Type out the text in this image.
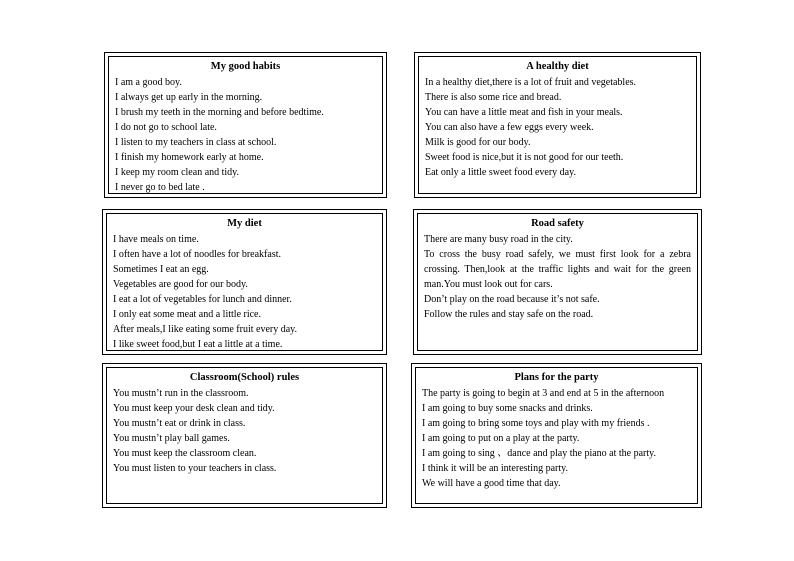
My good habits
I am a good boy.
I always get up early in the morning.
I brush my teeth in the morning and before bedtime.
I do not go to school late.
I listen to my teachers in class at school.
I finish my homework early at home.
I keep my room clean and tidy.
I never go to bed late .
A healthy diet
In a healthy diet,there is a lot of fruit and vegetables.
There is also some rice and bread.
You can have a little meat and fish in your meals.
You can also have a few eggs every week.
Milk is good for our body.
Sweet food is nice,but it is not good for our teeth.
Eat only a little sweet food every day.
My diet
I have meals on time.
I often have a lot of noodles for breakfast.
Sometimes I eat an egg.
Vegetables are good for our body.
I eat a lot of vegetables for lunch and dinner.
I only eat some meat and a little rice.
After meals,I like eating some fruit every day.
I like sweet food,but I eat a little at a time.
Road safety
There are many busy road in the city.
To cross the busy road safely, we must first look for a zebra crossing. Then,look at the traffic lights and wait for the green man.You must look out for cars.
Don’t play on the road because it’s not safe.
Follow the rules and stay safe on the road.
Classroom(School) rules
You mustn’t run in the classroom.
You must keep your desk clean and tidy.
You mustn’t eat or drink in class.
You mustn’t play ball games.
You must keep the classroom clean.
You must listen to your teachers in class.
Plans for the party
The party is going to begin at 3 and end at 5 in the afternoon
I am going to buy some snacks and drinks.
I am going to bring some toys and play with my friends .
I am going to put on a play at the party.
I am going to sing 、dance and play the piano at the party.
I think it will be an interesting party.
We will have a good time that day.
